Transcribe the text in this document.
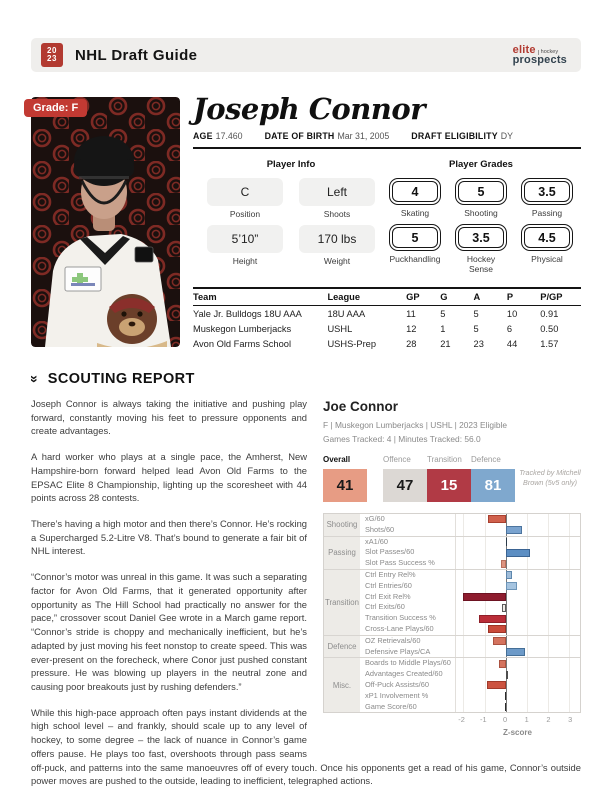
20
23 NHL Draft Guide	elite hockey
prospects
Grade: F	Joseph Connor
AGE 17.460	DATE OF BIRTH Mar 31, 2005	DRAFT ELIGIBILITY DY
Player Info
C
Position
Left
Shoots
5’10”
Height
170 lbs
Weight
Player Grades
4
Skating
5
Shooting
3.5
Passing
5
Puckhandling
3.5
Hockey Sense
4.5
Physical
Team	League	GP	G	A	P	P/GP
Yale Jr. Bulldogs 18U AAA	18U AAA	11	5	5	10	0.91
Muskegon Lumberjacks	USHL	12	1	5	6	0.50
Avon Old Farms School	USHS-Prep	28	21	23	44	1.57
» SCOUTING REPORT
Joe Connor
F | Muskegon Lumberjacks | USHL | 2023 Eligible
Games Tracked: 4 | Minutes Tracked: 56.0
Overall
41
Offence
47
Transition
15
Defence
81
Tracked by Mitchell Brown (5v5 only)
Shooting
xG/60
Shots/60
Passing
xA1/60
Slot Passes/60
Slot Pass Success %
Transition
Ctrl Entry Rel%
Ctrl Entries/60
Ctrl Exit Rel%
Ctrl Exits/60
Transition Success %
Cross-Lane Plays/60
Defence
OZ Retrievals/60
Defensive Plays/CA
Misc.
Boards to Middle Plays/60
Advantages Created/60
Off-Puck Assists/60
xP1 Involvement %
Game Score/60
-2 -1 0 1 2 3
Z-score

Joseph Connor is always taking the initiative and pushing play forward, constantly moving his feet to pressure opponents and create advantages.

A hard worker who plays at a single pace, the Amherst, New Hampshire-born forward helped lead Avon Old Farms to the EPSAC Elite 8 Championship, lighting up the scoresheet with 44 points across 28 contests.

There’s having a high motor and then there’s Connor. He’s rocking a Supercharged 5.2-Litre V8. That’s bound to generate a fair bit of NHL interest.

“Connor’s motor was unreal in this game. It was such a separating factor for Avon Old Farms, that it generated opportunity after opportunity as The Hill School had practically no answer for the pace,” crossover scout Daniel Gee wrote in a March game report. “Connor’s stride is choppy and mechanically inefficient, but he’s adapted by just moving his feet nonstop to create speed. This was ever-present on the forecheck, where Conor just pushed constant pressure. He was blowing up players in the neutral zone and causing poor breakouts just by rushing defenders.”

While this high-pace approach often pays instant dividends at the high school level – and frankly, should scale up to any level of hockey, to some degree – the lack of nuance in Connor’s game offers pause. He plays too fast, overshoots through pass seams off-puck, and patterns into the same manoeuvres off of every touch. Once his opponents get a read of his game, Connor’s outside power moves are pushed to the outside, leading to inefficient, telegraphed actions.
